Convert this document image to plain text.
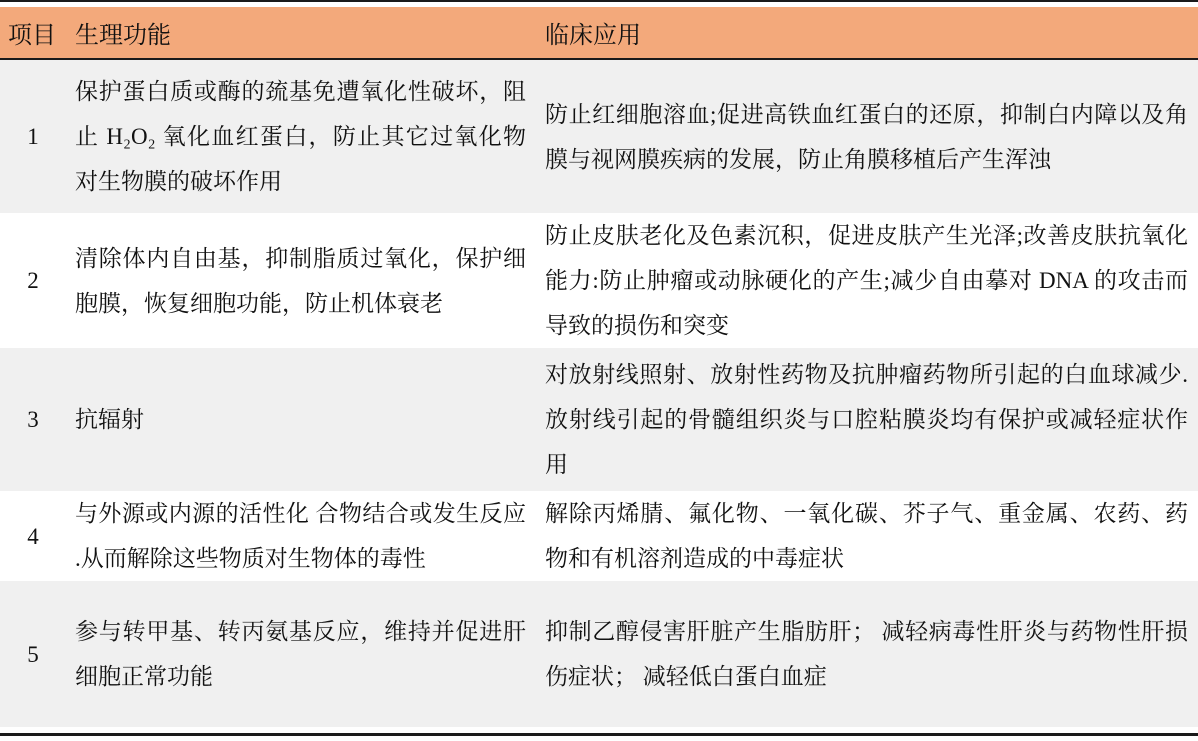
项目 生理功能	临床应用
1
保护蛋白质或酶的巯基免遭氧化性破坏，阻止 H₂O₂ 氧化血红蛋白，防止其它过氧化物对生物膜的破坏作用
防止红细胞溶血;促进高铁血红蛋白的还原，抑制白内障以及角膜与视网膜疾病的发展，防止角膜移植后产生浑浊
2
清除体内自由基，抑制脂质过氧化，保护细胞膜，恢复细胞功能，防止机体衰老
防止皮肤老化及色素沉积，促进皮肤产生光泽;改善皮肤抗氧化能力:防止肿瘤或动脉硬化的产生;减少自由摹对 DNA 的攻击而导致的损伤和突变
3	抗辐射
对放射线照射、放射性药物及抗肿瘤药物所引起的白血球减少. 放射线引起的骨髓组织炎与口腔粘膜炎均有保护或减轻症状作用
4
与外源或内源的活性化 合物结合或发生反应 .从而解除这些物质对生物体的毒性
解除丙烯腈、氟化物、一氧化碳、芥子气、重金属、农药、药物和有机溶剂造成的中毒症状
5
参与转甲基、转丙氨基反应，维持并促进肝细胞正常功能
抑制乙醇侵害肝脏产生脂肪肝； 减轻病毒性肝炎与药物性肝损伤症状； 减轻低白蛋白血症
